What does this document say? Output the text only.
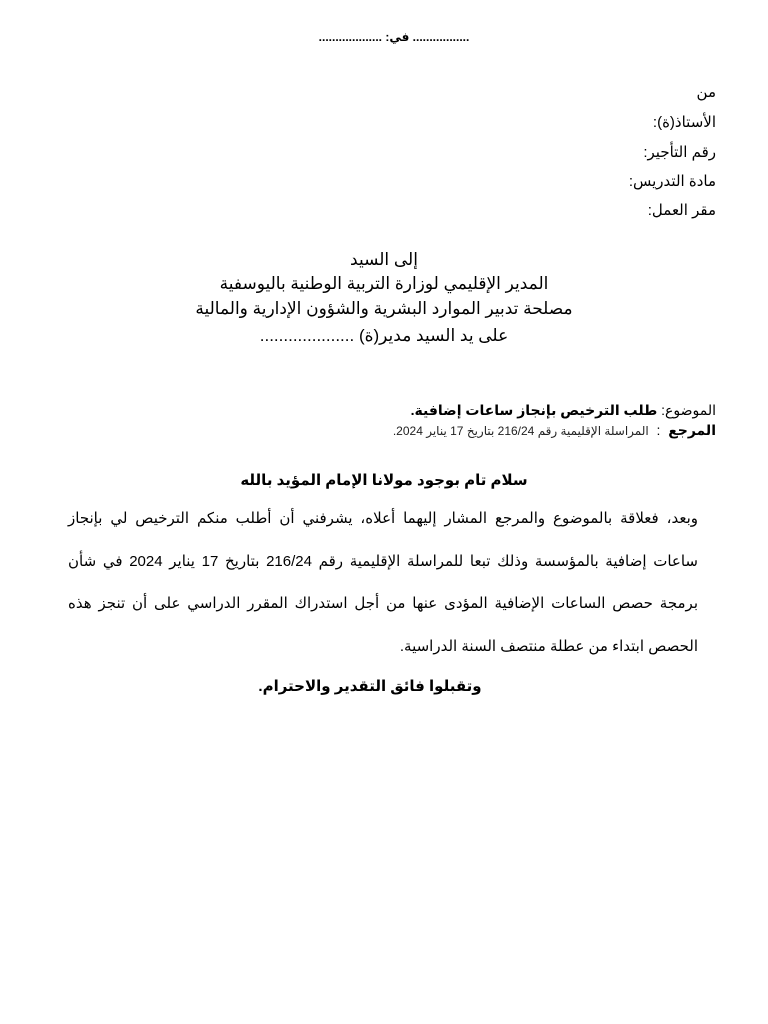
................. في: ...................
من
الأستاذ(ة):
رقم التأجير:
مادة التدريس:
مقر العمل:
إلى السيد
المدير الإقليمي لوزارة التربية الوطنية باليوسفية
مصلحة تدبير الموارد البشرية والشؤون الإدارية والمالية
على يد السيد مدير(ة) ....................
الموضوع: طلب الترخيص بإنجاز ساعات إضافية.
المرجع  :  المراسلة الإقليمية رقم 216/24 بتاريخ 17 يناير 2024.
سلام تام بوجود مولانا الإمام المؤيد بالله
وبعد، فعلاقة بالموضوع والمرجع المشار إليهما أعلاه، يشرفني أن أطلب منكم الترخيص لي بإنجاز
ساعات إضافية بالمؤسسة وذلك تبعا للمراسلة الإقليمية رقم 216/24 بتاريخ 17 يناير 2024 في شأن
برمجة حصص الساعات الإضافية المؤدى عنها من أجل استدراك المقرر الدراسي على أن تنجز هذه
الحصص ابتداء من عطلة منتصف السنة الدراسية.
وتقبلوا فائق التقدير والاحترام.
